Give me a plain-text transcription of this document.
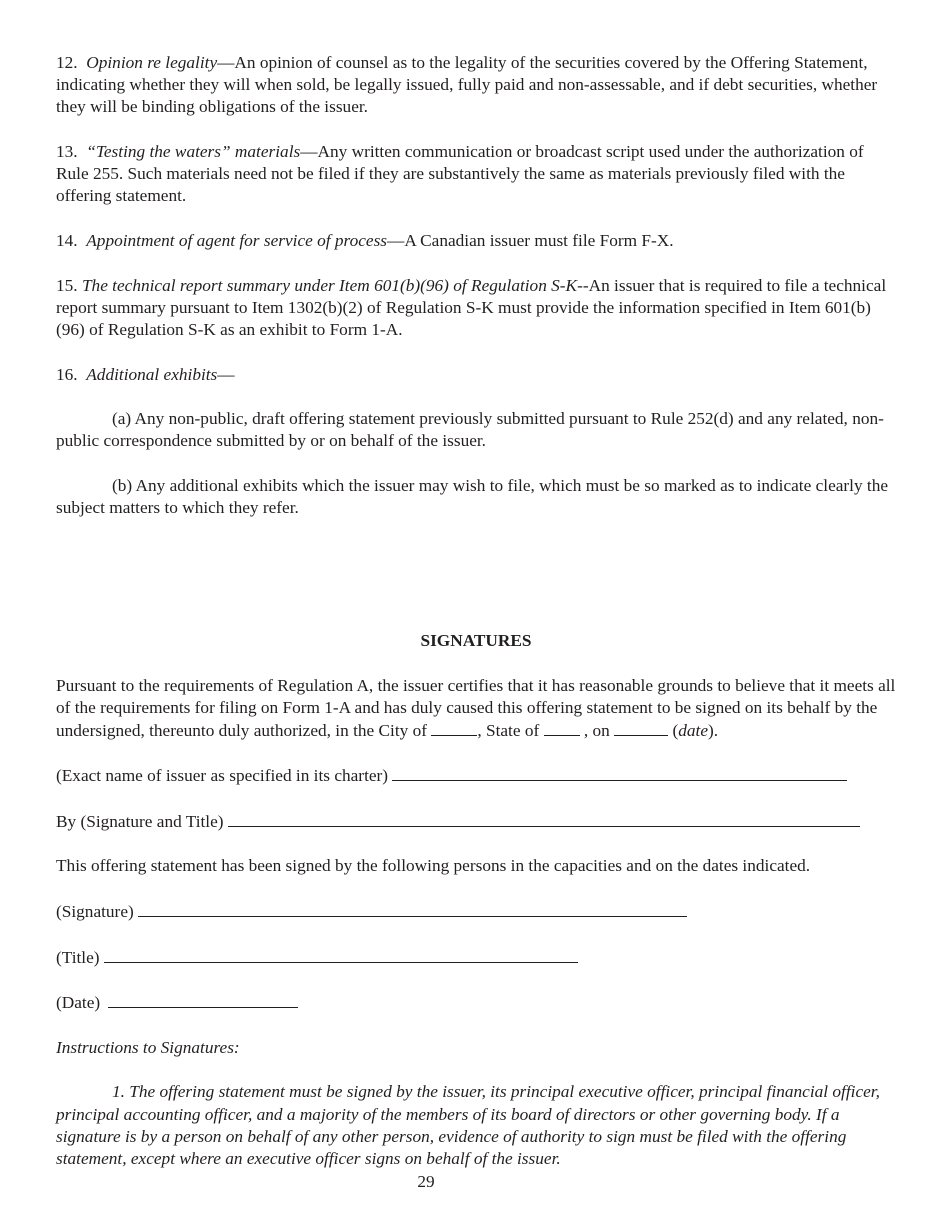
12. Opinion re legality—An opinion of counsel as to the legality of the securities covered by the Offering Statement, indicating whether they will when sold, be legally issued, fully paid and non-assessable, and if debt securities, whether they will be binding obligations of the issuer.

13. “Testing the waters” materials—Any written communication or broadcast script used under the authorization of Rule 255. Such materials need not be filed if they are substantively the same as materials previously filed with the offering statement.

14. Appointment of agent for service of process—A Canadian issuer must file Form F-X.

15. The technical report summary under Item 601(b)(96) of Regulation S-K--An issuer that is required to file a technical report summary pursuant to Item 1302(b)(2) of Regulation S-K must provide the information specified in Item 601(b)(96) of Regulation S-K as an exhibit to Form 1-A.

16. Additional exhibits—

(a) Any non-public, draft offering statement previously submitted pursuant to Rule 252(d) and any related, non-public correspondence submitted by or on behalf of the issuer.

(b) Any additional exhibits which the issuer may wish to file, which must be so marked as to indicate clearly the subject matters to which they refer.

SIGNATURES

Pursuant to the requirements of Regulation A, the issuer certifies that it has reasonable grounds to believe that it meets all of the requirements for filing on Form 1-A and has duly caused this offering statement to be signed on its behalf by the undersigned, thereunto duly authorized, in the City of	, State of	, on	(date).

(Exact name of issuer as specified in its charter)

By (Signature and Title)

This offering statement has been signed by the following persons in the capacities and on the dates indicated.

(Signature)

(Title)

(Date)

Instructions to Signatures:

1. The offering statement must be signed by the issuer, its principal executive officer, principal financial officer, principal accounting officer, and a majority of the members of its board of directors or other governing body. If a signature is by a person on behalf of any other person, evidence of authority to sign must be filed with the offering statement, except where an executive officer signs on behalf of the issuer.

29
